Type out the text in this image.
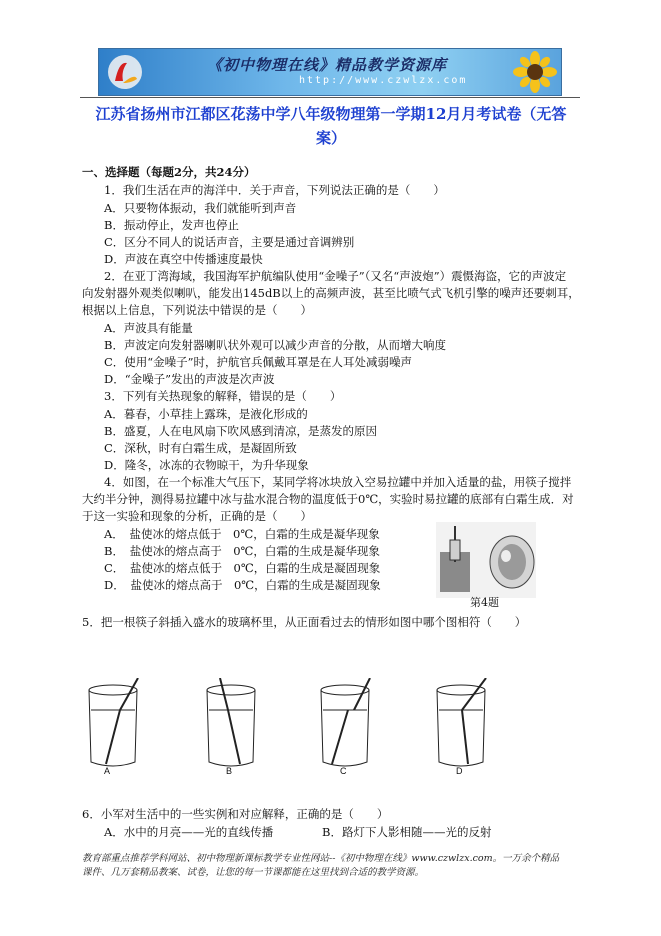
《初中物理在线》精品教学资源库
http://www.czwlzx.com
江苏省扬州市江都区花荡中学八年级物理第一学期12月月考试卷（无答
案）
一、选择题（每题2分，共24分）
1．我们生活在声的海洋中．关于声音，下列说法正确的是（　　）
A．只要物体振动，我们就能听到声音
B．振动停止，发声也停止
C．区分不同人的说话声音，主要是通过音调辨别
D．声波在真空中传播速度最快
2．在亚丁湾海域，我国海军护航编队使用“金噪子”（又名“声波炮”）震慑海盗，它的声波定
向发射器外观类似喇叭，能发出145dB以上的高频声波，甚至比喷气式飞机引擎的噪声还要刺耳，
根据以上信息，下列说法中错误的是（　　）
A．声波具有能量
B．声波定向发射器喇叭状外观可以减少声音的分散，从而增大响度
C．使用“金噪子”时，护航官兵佩戴耳罩是在人耳处减弱噪声
D．“金噪子”发出的声波是次声波
3．下列有关热现象的解释，错误的是（　　）
A．暮春，小草挂上露珠，是液化形成的
B．盛夏，人在电风扇下吹风感到清凉，是蒸发的原因
C．深秋，时有白霜生成，是凝固所致
D．隆冬，冰冻的衣物晾干，为升华现象
4．如图，在一个标准大气压下，某同学将冰块放入空易拉罐中并加入适量的盐，用筷子搅拌
大约半分钟，测得易拉罐中冰与盐水混合物的温度低于0℃，实验时易拉罐的底部有白霜生成．对
于这一实验和现象的分析，正确的是（　　）
A．　盐使冰的熔点低于　0℃，白霜的生成是凝华现象
B．　盐使冰的熔点高于　0℃，白霜的生成是凝华现象
C．　盐使冰的熔点低于　0℃，白霜的生成是凝固现象
D．　盐使冰的熔点高于　0℃，白霜的生成是凝固现象
5．把一根筷子斜插入盛水的玻璃杯里，从正面看过去的情形如图中哪个图相符（　　）
6．小军对生活中的一些实例和对应解释，正确的是（　　）
A．水中的月亮——光的直线传播	B．路灯下人影相随——光的反射
第4题
A	B	C	D
教育部重点推荐学科网站、初中物理新课标教学专业性网站--《初中物理在线》www.czwlzx.com。一万余个精品
课件、几万套精品教案、试卷，让您的每一节课都能在这里找到合适的教学资源。
